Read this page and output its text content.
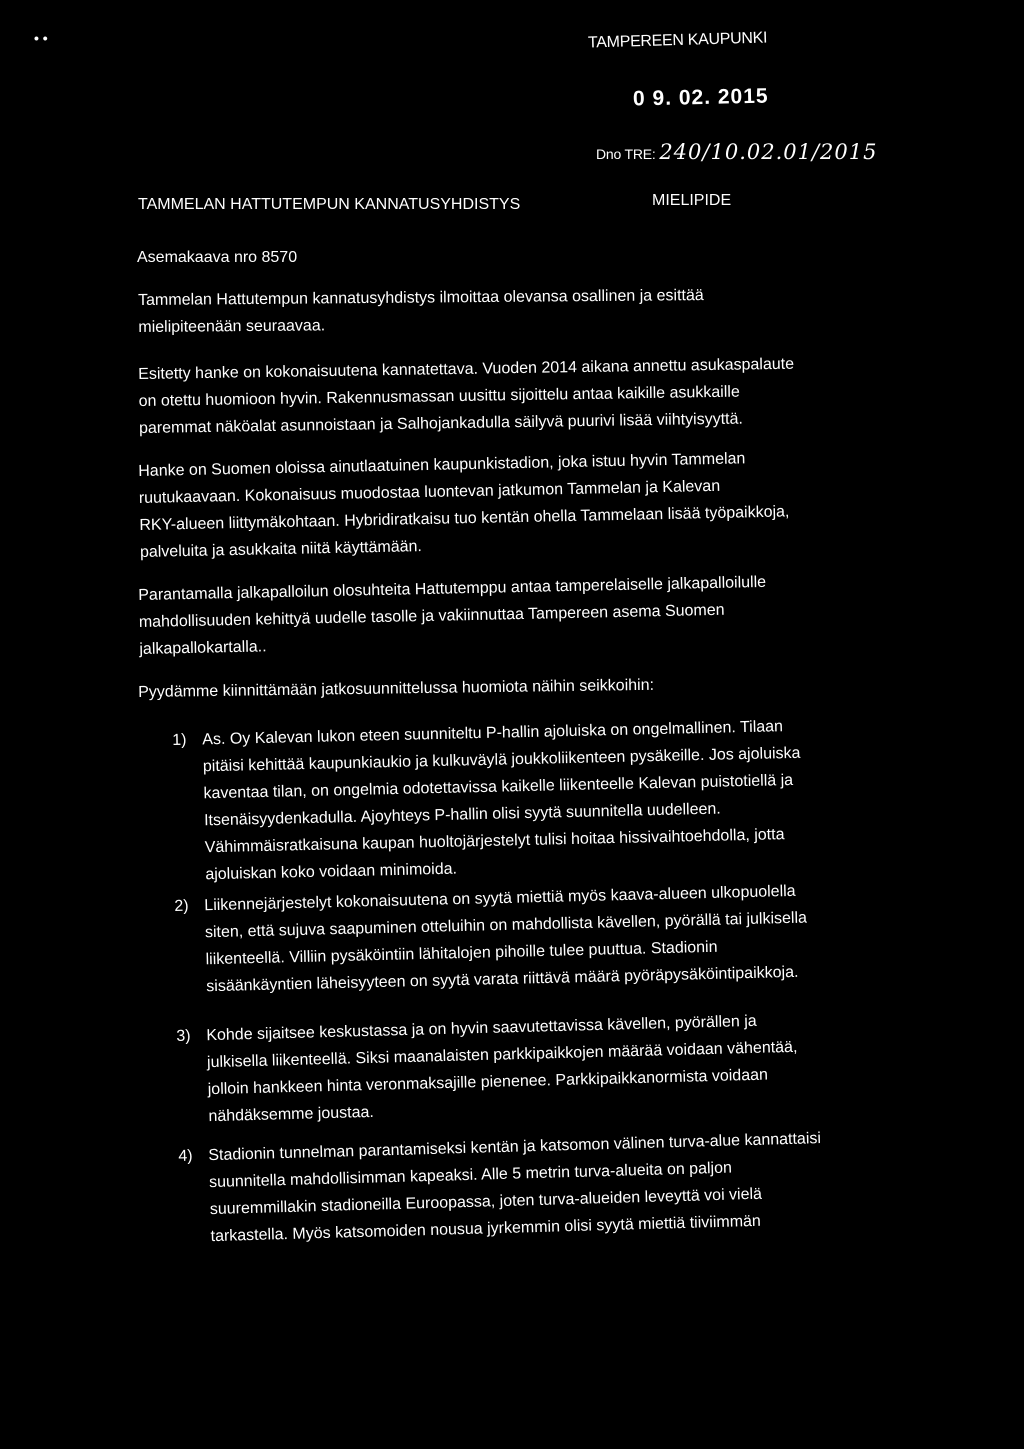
• •	TAMPEREEN KAUPUNKI
0 9. 02. 2015
Dno TRE: 240/10.02.01/2015
TAMMELAN HATTUTEMPUN KANNATUSYHDISTYS	MIELIPIDE
Asemakaava nro 8570
Tammelan Hattutempun kannatusyhdistys ilmoittaa olevansa osallinen ja esittää
mielipiteenään seuraavaa.
Esitetty hanke on kokonaisuutena kannatettava. Vuoden 2014 aikana annettu asukaspalaute
on otettu huomioon hyvin. Rakennusmassan uusittu sijoittelu antaa kaikille asukkaille
paremmat näköalat asunnoistaan ja Salhojankadulla säilyvä puurivi lisää viihtyisyyttä.
Hanke on Suomen oloissa ainutlaatuinen kaupunkistadion, joka istuu hyvin Tammelan
ruutukaavaan. Kokonaisuus muodostaa luontevan jatkumon Tammelan ja Kalevan
RKY-alueen liittymäkohtaan. Hybridiratkaisu tuo kentän ohella Tammelaan lisää työpaikkoja,
palveluita ja asukkaita niitä käyttämään.
Parantamalla jalkapalloilun olosuhteita Hattutemppu antaa tamperelaiselle jalkapalloilulle
mahdollisuuden kehittyä uudelle tasolle ja vakiinnuttaa Tampereen asema Suomen
jalkapallokartalla..
Pyydämme kiinnittämään jatkosuunnittelussa huomiota näihin seikkoihin:
1) As. Oy Kalevan lukon eteen suunniteltu P-hallin ajoluiska on ongelmallinen. Tilaan
pitäisi kehittää kaupunkiaukio ja kulkuväylä joukkoliikenteen pysäkeille. Jos ajoluiska
kaventaa tilan, on ongelmia odotettavissa kaikelle liikenteelle Kalevan puistotiellä ja
Itsenäisyydenkadulla. Ajoyhteys P-hallin olisi syytä suunnitella uudelleen.
Vähimmäisratkaisuna kaupan huoltojärjestelyt tulisi hoitaa hissivaihtoehdolla, jotta
ajoluiskan koko voidaan minimoida.
2) Liikennejärjestelyt kokonaisuutena on syytä miettiä myös kaava-alueen ulkopuolella
siten, että sujuva saapuminen otteluihin on mahdollista kävellen, pyörällä tai julkisella
liikenteellä. Villiin pysäköintiin lähitalojen pihoille tulee puuttua. Stadionin
sisäänkäyntien läheisyyteen on syytä varata riittävä määrä pyöräpysäköintipaikkoja.
3) Kohde sijaitsee keskustassa ja on hyvin saavutettavissa kävellen, pyörällen ja
julkisella liikenteellä. Siksi maanalaisten parkkipaikkojen määrää voidaan vähentää,
jolloin hankkeen hinta veronmaksajille pienenee. Parkkipaikkanormista voidaan
nähdäksemme joustaa.
4) Stadionin tunnelman parantamiseksi kentän ja katsomon välinen turva-alue kannattaisi
suunnitella mahdollisimman kapeaksi. Alle 5 metrin turva-alueita on paljon
suuremmillakin stadioneilla Euroopassa, joten turva-alueiden leveyttä voi vielä
tarkastella. Myös katsomoiden nousua jyrkemmin olisi syytä miettiä tiiviimmän
